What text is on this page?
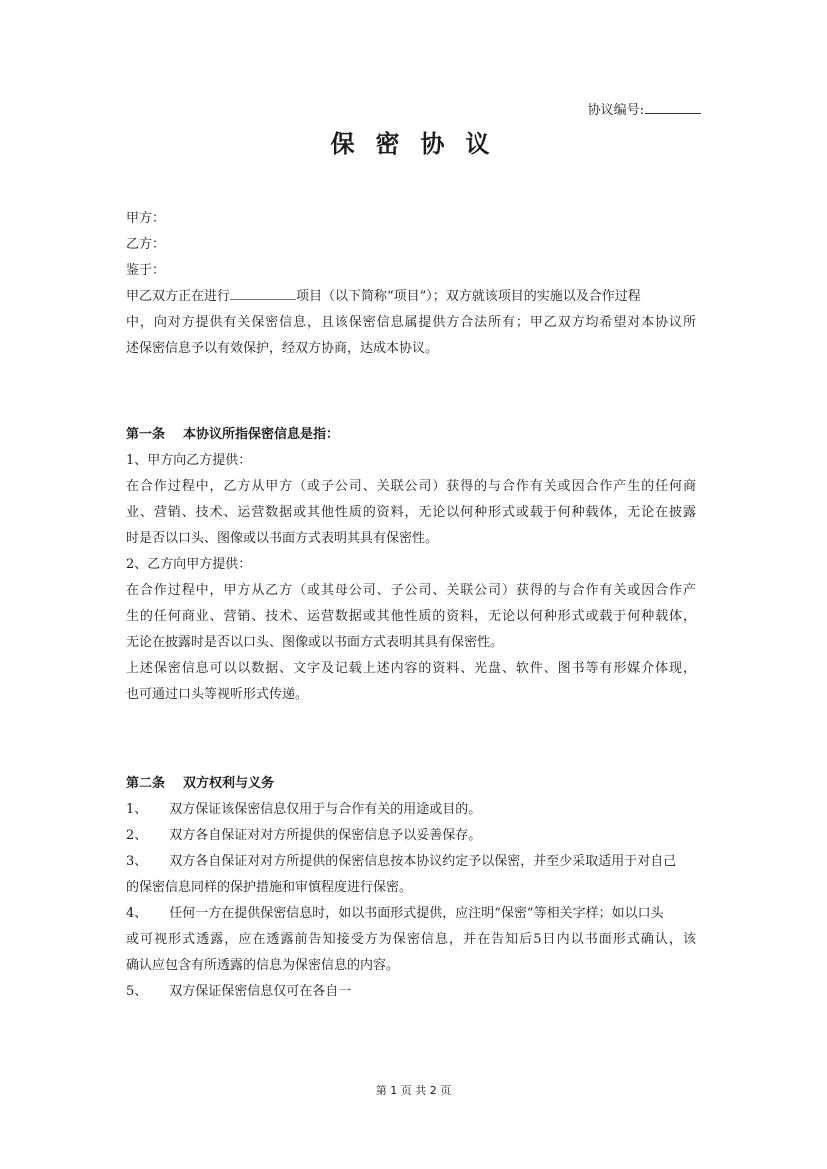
协议编号:
保密协议
甲方：
乙方：
鉴于：
甲乙双方正在进行	项目（以下简称“项目”）；双方就该项目的实施以及合作过程
中，向对方提供有关保密信息，且该保密信息属提供方合法所有；甲乙双方均希望对本协议所
述保密信息予以有效保护，经双方协商，达成本协议。
第一条 本协议所指保密信息是指：
1、甲方向乙方提供：
在合作过程中，乙方从甲方（或子公司、关联公司）获得的与合作有关或因合作产生的任何商
业、营销、技术、运营数据或其他性质的资料，无论以何种形式或载于何种载体，无论在披露
时是否以口头、图像或以书面方式表明其具有保密性。
2、乙方向甲方提供：
在合作过程中，甲方从乙方（或其母公司、子公司、关联公司）获得的与合作有关或因合作产
生的任何商业、营销、技术、运营数据或其他性质的资料，无论以何种形式或载于何种载体，
无论在披露时是否以口头、图像或以书面方式表明其具有保密性。
上述保密信息可以以数据、文字及记载上述内容的资料、光盘、软件、图书等有形媒介体现，
也可通过口头等视听形式传递。
第二条 双方权利与义务
1、 双方保证该保密信息仅用于与合作有关的用途或目的。
2、 双方各自保证对对方所提供的保密信息予以妥善保存。
3、 双方各自保证对对方所提供的保密信息按本协议约定予以保密，并至少采取适用于对自己
的保密信息同样的保护措施和审慎程度进行保密。
4、 任何一方在提供保密信息时，如以书面形式提供，应注明“保密”等相关字样；如以口头
或可视形式透露，应在透露前告知接受方为保密信息，并在告知后5日内以书面形式确认，该
确认应包含有所透露的信息为保密信息的内容。
5、 双方保证保密信息仅可在各自一
第 1 页 共 2 页
